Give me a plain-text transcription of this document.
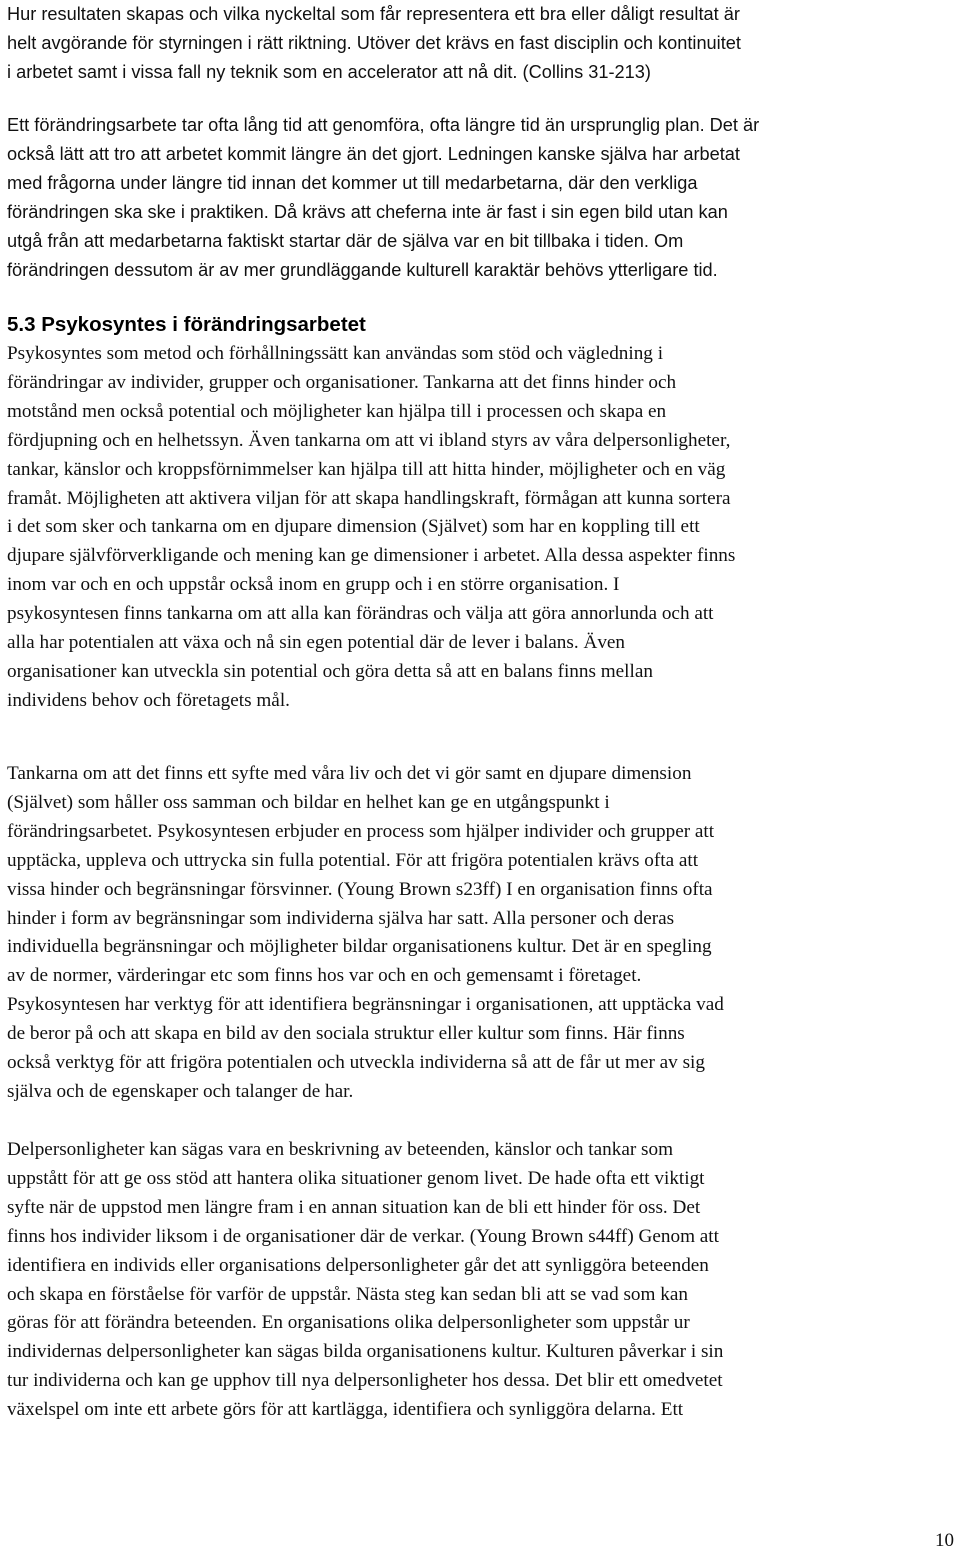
Hur resultaten skapas och vilka nyckeltal som får representera ett bra eller dåligt resultat är
helt avgörande för styrningen i rätt riktning. Utöver det krävs en fast disciplin och kontinuitet
i arbetet samt i vissa fall ny teknik som en accelerator att nå dit. (Collins 31-213)

Ett förändringsarbete tar ofta lång tid att genomföra, ofta längre tid än ursprunglig plan. Det är
också lätt att tro att arbetet kommit längre än det gjort. Ledningen kanske själva har arbetat
med frågorna under längre tid innan det kommer ut till medarbetarna, där den verkliga
förändringen ska ske i praktiken. Då krävs att cheferna inte är fast i sin egen bild utan kan
utgå från att medarbetarna faktiskt startar där de själva var en bit tillbaka i tiden. Om
förändringen dessutom är av mer grundläggande kulturell karaktär behövs ytterligare tid.

5.3 Psykosyntes i förändringsarbetet

Psykosyntes som metod och förhållningssätt kan användas som stöd och vägledning i
förändringar av individer, grupper och organisationer. Tankarna att det finns hinder och
motstånd men också potential och möjligheter kan hjälpa till i processen och skapa en
fördjupning och en helhetssyn. Även tankarna om att vi ibland styrs av våra delpersonligheter,
tankar, känslor och kroppsförnimmelser kan hjälpa till att hitta hinder, möjligheter och en väg
framåt. Möjligheten att aktivera viljan för att skapa handlingskraft, förmågan att kunna sortera
i det som sker och tankarna om en djupare dimension (Självet) som har en koppling till ett
djupare självförverkligande och mening kan ge dimensioner i arbetet. Alla dessa aspekter finns
inom var och en och uppstår också inom en grupp och i en större organisation. I
psykosyntesen finns tankarna om att alla kan förändras och välja att göra annorlunda och att
alla har potentialen att växa och nå sin egen potential där de lever i balans. Även
organisationer kan utveckla sin potential och göra detta så att en balans finns mellan
individens behov och företagets mål.

Tankarna om att det finns ett syfte med våra liv och det vi gör samt en djupare dimension
(Självet) som håller oss samman och bildar en helhet kan ge en utgångspunkt i
förändringsarbetet. Psykosyntesen erbjuder en process som hjälper individer och grupper att
upptäcka, uppleva och uttrycka sin fulla potential. För att frigöra potentialen krävs ofta att
vissa hinder och begränsningar försvinner. (Young Brown s23ff) I en organisation finns ofta
hinder i form av begränsningar som individerna själva har satt. Alla personer och deras
individuella begränsningar och möjligheter bildar organisationens kultur. Det är en spegling
av de normer, värderingar etc som finns hos var och en och gemensamt i företaget.
Psykosyntesen har verktyg för att identifiera begränsningar i organisationen, att upptäcka vad
de beror på och att skapa en bild av den sociala struktur eller kultur som finns. Här finns
också verktyg för att frigöra potentialen och utveckla individerna så att de får ut mer av sig
själva och de egenskaper och talanger de har.

Delpersonligheter kan sägas vara en beskrivning av beteenden, känslor och tankar som
uppstått för att ge oss stöd att hantera olika situationer genom livet. De hade ofta ett viktigt
syfte när de uppstod men längre fram i en annan situation kan de bli ett hinder för oss. Det
finns hos individer liksom i de organisationer där de verkar. (Young Brown s44ff) Genom att
identifiera en individs eller organisations delpersonligheter går det att synliggöra beteenden
och skapa en förståelse för varför de uppstår. Nästa steg kan sedan bli att se vad som kan
göras för att förändra beteenden. En organisations olika delpersonligheter som uppstår ur
individernas delpersonligheter kan sägas bilda organisationens kultur. Kulturen påverkar i sin
tur individerna och kan ge upphov till nya delpersonligheter hos dessa. Det blir ett omedvetet
växelspel om inte ett arbete görs för att kartlägga, identifiera och synliggöra delarna. Ett

10
